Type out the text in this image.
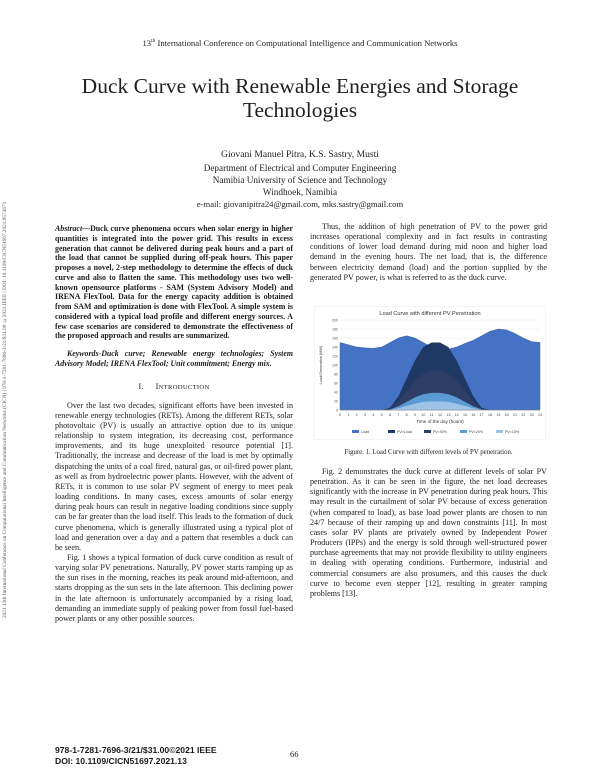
2021 13th International Conference on Computational Intelligence and Communication Networks (CICN) | 978-1-7281-7696-3/21/$31.00 ©2021 IEEE | DOI: 10.1109/CICN51697.2021.9574671
13th International Conference on Computational Intelligence and Communication Networks
Duck Curve with Renewable Energies and Storage Technologies
Giovani Manuel Pitra, K.S. Sastry, Musti
Department of Electrical and Computer Engineering
Namibia University of Science and Technology
Windhoek, Namibia
e-mail: giovanipitra24@gmail.com, mks.sastry@gmail.com

Abstract—Duck curve phenomena occurs when solar energy in higher quantities is integrated into the power grid. This results in excess generation that cannot be delivered during peak hours and a part of the load that cannot be supplied during off-peak hours. This paper proposes a novel, 2-step methodology to determine the effects of duck curve and also to flatten the same. This methodology uses two well-known opensource platforms - SAM (System Advisory Model) and IRENA FlexTool. Data for the energy capacity addition is obtained from SAM and optimization is done with FlexTool. A simple system is considered with a typical load profile and different energy sources. A few case scenarios are considered to demonstrate the effectiveness of the proposed approach and results are summarized.

Keywords-Duck curve; Renewable energy technologies; System Advisory Model; IRENA FlexTool; Unit commitment; Energy mix.

I.     INTRODUCTION

Over the last two decades, significant efforts have been invested in renewable energy technologies (RETs). Among the different RETs, solar photovoltaic (PV) is usually an attractive option due to its unique relationship to system integration, its decreasing cost, performance improvements, and its huge unexploited resource potential [1]. Traditionally, the increase and decrease of the load is met by optimally dispatching the units of a coal fired, natural gas, or oil-fired power plant, as well as from hydroelectric power plants. However, with the advent of RETs, it is common to use solar PV segment of energy to meet peak loading conditions. In many cases, excess amounts of solar energy during peak hours can result in negative loading conditions since supply can be far greater than the load itself. This leads to the formation of duck curve phenomena, which is generally illustrated using a typical plot of load and generation over a day and a pattern that resembles a duck can be seen.

Fig. 1 shows a typical formation of duck curve condition as result of varying solar PV penetrations. Naturally, PV power starts ramping up as the sun rises in the morning, reaches its peak around mid-afternoon, and starts dropping as the sun sets in the late afternoon. This declining power in the late afternoon is unfortunately accompanied by a rising load, demanding an immediate supply of peaking power from fossil fuel-based power plants or any other possible sources.

Thus, the addition of high penetration of PV to the power grid increases operational complexity and in fact results in contrasting conditions of lower load demand during mid noon and higher load demand in the evening hours. The net load, that is, the difference between electricity demand (load) and the portion supplied by the generated PV power, is what is referred to as the duck curve.

Load Curve with different PV Penetration
0
20
40
60
80
100
120
140
160
180
200
Load/Generation (MW)
0 1 2 3 4 5 6 7 8 9 10 11 12 13 14 15 16 17 18 19 20 21 22 23 24
Time of the day (hours)
Load	PV=Load	PV=50%	PV=20%	PV=10%
Figure. 1. Load Curve with different levels of PV penetration.

Fig. 2 demonstrates the duck curve at different levels of solar PV penetration. As it can be seen in the figure, the net load decreases significantly with the increase in PV penetration during peak hours. This may result in the curtailment of solar PV because of excess generation (when compared to load), as base load power plants are chosen to run 24/7 because of their ramping up and down constraints [11]. In most cases solar PV plants are privately owned by Independent Power Producers (IPPs) and the energy is sold through well-structured power purchase agreements that may not provide flexibility to utility engineers in dealing with operating conditions. Furthermore, industrial and commercial consumers are also prosumers, and this causes the duck curve to become even stepper [12], resulting in greater ramping problems [13].

978-1-7281-7696-3/21/$31.00©2021 IEEE
DOI: 10.1109/CICN51697.2021.13
66
